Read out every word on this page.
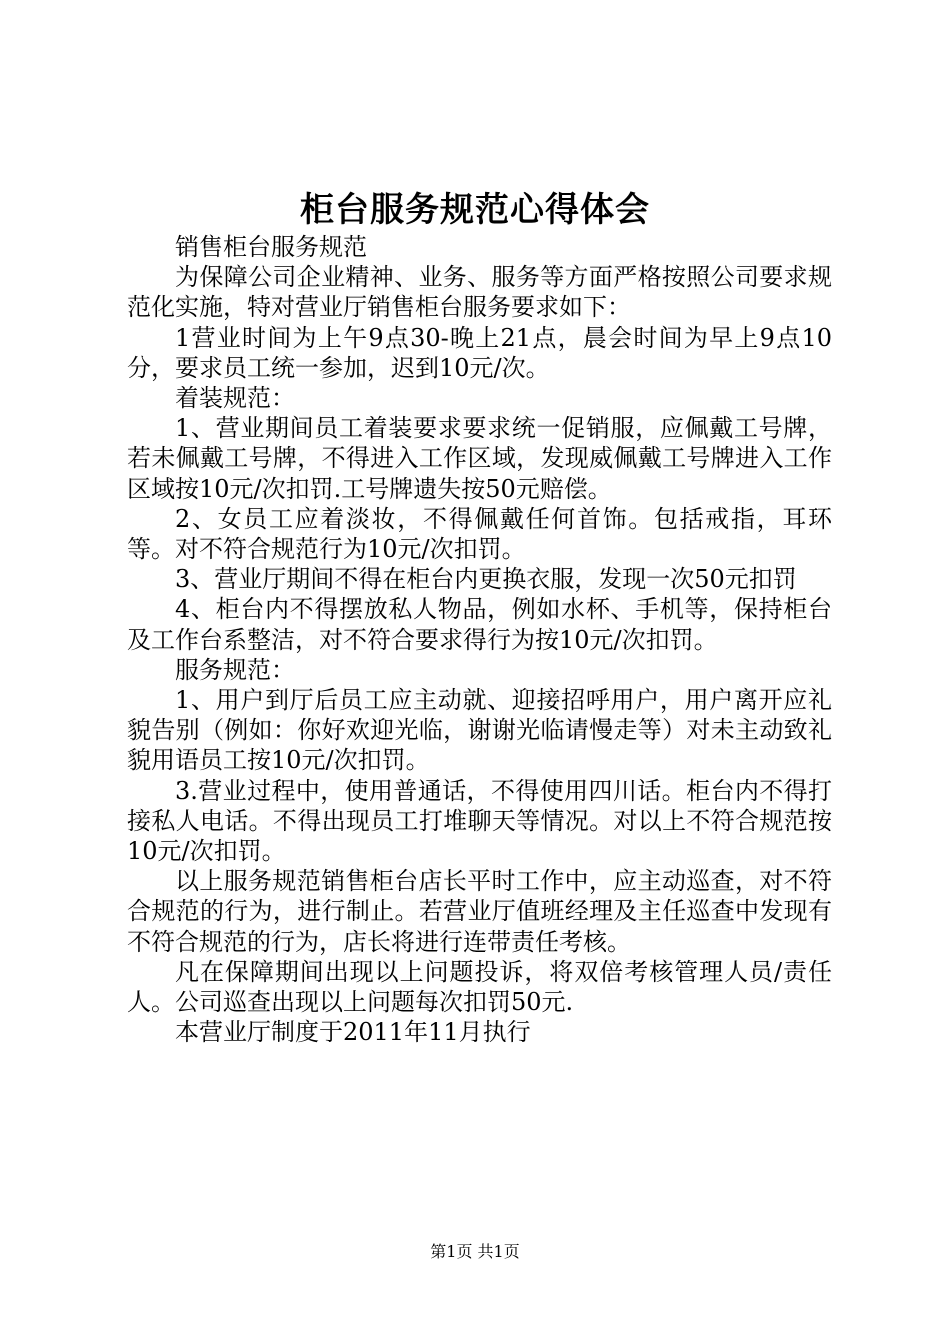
柜台服务规范心得体会

销售柜台服务规范

为保障公司企业精神、业务、服务等方面严格按照公司要求规范化实施，特对营业厅销售柜台服务要求如下：

1营业时间为上午9点30-晚上21点，晨会时间为早上9点10分，要求员工统一参加，迟到10元/次。

着装规范：

1、营业期间员工着装要求要求统一促销服，应佩戴工号牌，若未佩戴工号牌，不得进入工作区域，发现威佩戴工号牌进入工作区域按10元/次扣罚.工号牌遗失按50元赔偿。

2、女员工应着淡妆，不得佩戴任何首饰。包括戒指，耳环等。对不符合规范行为10元/次扣罚。

3、营业厅期间不得在柜台内更换衣服，发现一次50元扣罚

4、柜台内不得摆放私人物品，例如水杯、手机等，保持柜台及工作台系整洁，对不符合要求得行为按10元/次扣罚。

服务规范：

1、用户到厅后员工应主动就、迎接招呼用户，用户离开应礼貌告别（例如：你好欢迎光临，谢谢光临请慢走等）对未主动致礼貌用语员工按10元/次扣罚。

3.营业过程中，使用普通话，不得使用四川话。柜台内不得打接私人电话。不得出现员工打堆聊天等情况。对以上不符合规范按10元/次扣罚。

以上服务规范销售柜台店长平时工作中，应主动巡查，对不符合规范的行为，进行制止。若营业厅值班经理及主任巡查中发现有不符合规范的行为，店长将进行连带责任考核。

凡在保障期间出现以上问题投诉，将双倍考核管理人员/责任人。公司巡查出现以上问题每次扣罚50元.

本营业厅制度于2011年11月执行

第1页 共1页
